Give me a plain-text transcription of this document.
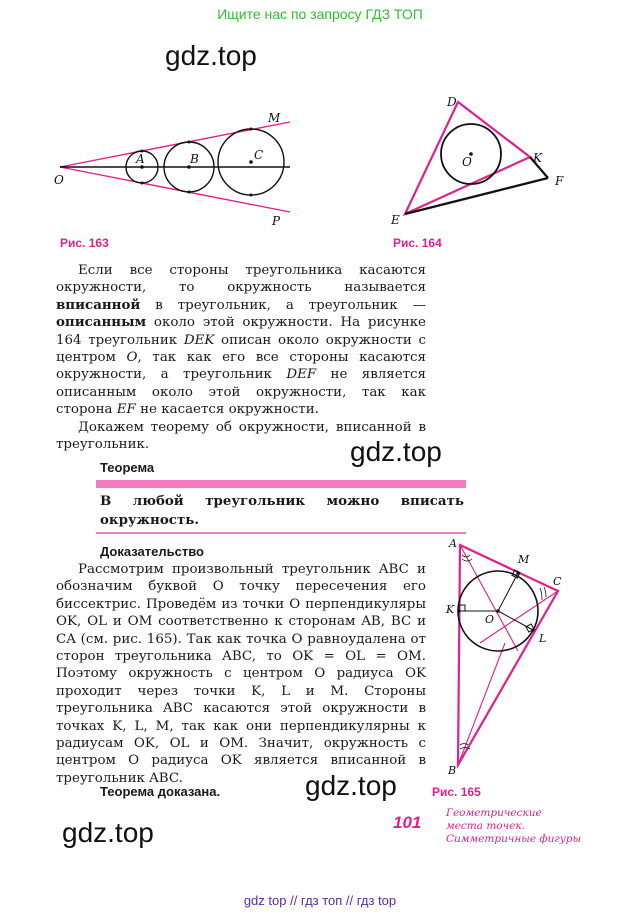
Ищите нас по запросу ГДЗ ТОП
gdz.top
gdz.top
gdz.top
gdz.top
O
A	B	C
M
P
Рис. 163
D
E
F
K
O
Рис. 164

Если все стороны треугольника касаются окружности, то окружность называется вписанной в треугольник, а треугольник — описанным около этой окружности. На рисунке 164 треугольник DEK описан около окружности с центром O, так как его все стороны касаются окружности, а треугольник DEF не является описанным около этой окружности, так как сторона EF не касается окружности.

Докажем теорему об окружности, вписанной в треугольник.

Теорема
В любой треугольник можно вписать окружность.
Доказательство

Рассмотрим произвольный треугольник ABC и обозначим буквой O точку пересечения его биссектрис. Проведём из точки O перпендикуляры OK, OL и OM соответственно к сторонам AB, BC и CA (см. рис. 165). Так как точка O равноудалена от сторон треугольника ABC, то OK = OL = OM. Поэтому окружность с центром O радиуса OK проходит через точки K, L и M. Стороны треугольника ABC касаются этой окружности в точках K, L, M, так как они перпендикулярны к радиусам OK, OL и OM. Значит, окружность с центром O радиуса OK является вписанной в треугольник ABC.

Теорема доказана.
A
B
C
K
L
M
O
Рис. 165
101 Геометрические
места точек.
Симметричные фигуры
gdz top // гдз топ // гдз top
